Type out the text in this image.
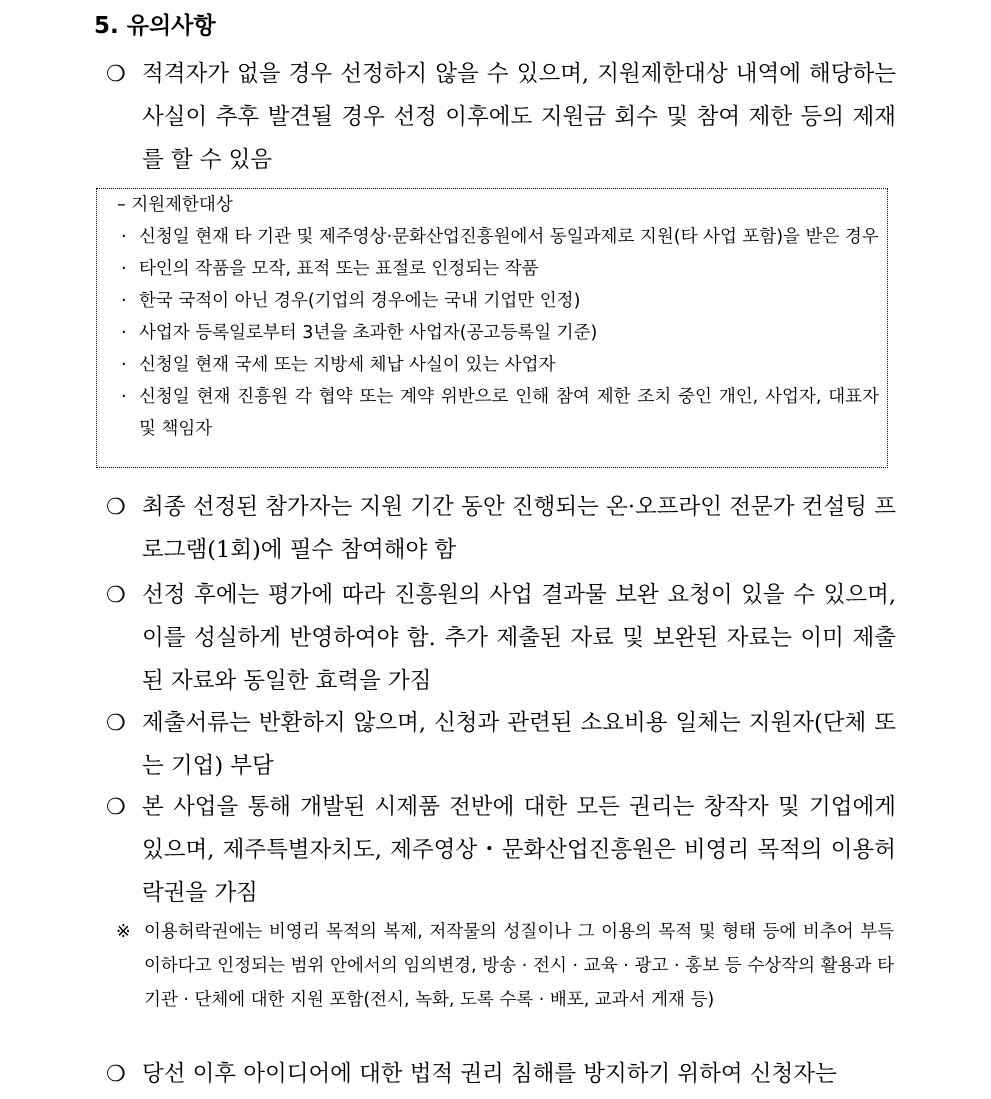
5. 유의사항
❍ 적격자가 없을 경우 선정하지 않을 수 있으며, 지원제한대상 내역에 해당하는 사실이 추후 발견될 경우 선정 이후에도 지원금 회수 및 참여 제한 등의 제재를 할 수 있음
– 지원제한대상
· 신청일 현재 타 기관 및 제주영상·문화산업진흥원에서 동일과제로 지원(타 사업 포함)을 받은 경우
· 타인의 작품을 모작, 표적 또는 표절로 인정되는 작품
· 한국 국적이 아닌 경우(기업의 경우에는 국내 기업만 인정)
· 사업자 등록일로부터 3년을 초과한 사업자(공고등록일 기준)
· 신청일 현재 국세 또는 지방세 체납 사실이 있는 사업자
· 신청일 현재 진흥원 각 협약 또는 계약 위반으로 인해 참여 제한 조치 중인 개인, 사업자, 대표자 및 책임자
❍ 최종 선정된 참가자는 지원 기간 동안 진행되는 온·오프라인 전문가 컨설팅 프로그램(1회)에 필수 참여해야 함
❍ 선정 후에는 평가에 따라 진흥원의 사업 결과물 보완 요청이 있을 수 있으며, 이를 성실하게 반영하여야 함. 추가 제출된 자료 및 보완된 자료는 이미 제출된 자료와 동일한 효력을 가짐
❍ 제출서류는 반환하지 않으며, 신청과 관련된 소요비용 일체는 지원자(단체 또는 기업) 부담
❍ 본 사업을 통해 개발된 시제품 전반에 대한 모든 권리는 창작자 및 기업에게 있으며, 제주특별자치도, 제주영상・문화산업진흥원은 비영리 목적의 이용허락권을 가짐
※ 이용허락권에는 비영리 목적의 복제, 저작물의 성질이나 그 이용의 목적 및 형태 등에 비추어 부득이하다고 인정되는 범위 안에서의 임의변경, 방송 · 전시 · 교육 · 광고 · 홍보 등 수상작의 활용과 타 기관 · 단체에 대한 지원 포함(전시, 녹화, 도록 수록 · 배포, 교과서 게재 등)
❍ 당선 이후 아이디어에 대한 법적 권리 침해를 방지하기 위하여 신청자는
